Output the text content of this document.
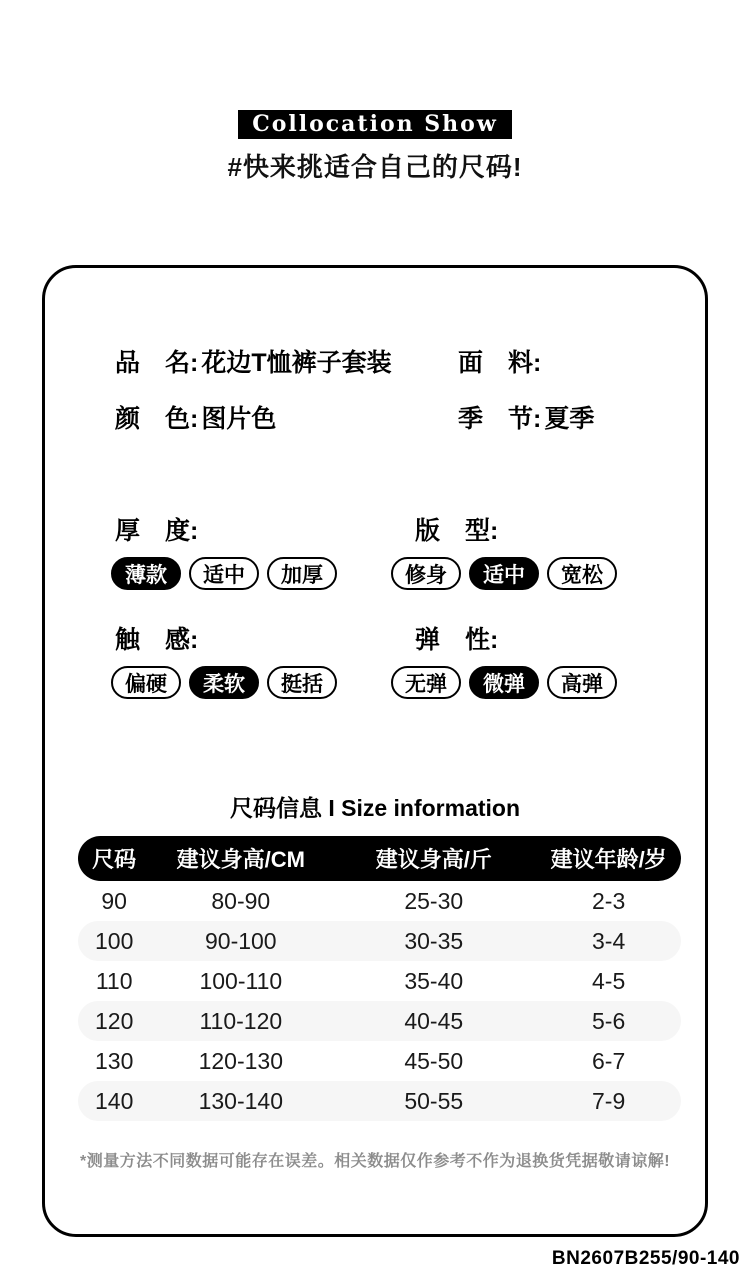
Collocation Show
#快来挑适合自己的尺码!
品　名: 花边T恤裤子套装	面　料:
颜　色: 图片色	季　节: 夏季
厚　度:
薄款	适中	加厚
版　型:
修身	适中	宽松
触　感:
偏硬	柔软	挺括
弹　性:
无弹	微弹	高弹
尺码信息 I Size information
尺码	建议身高/CM	建议身高/斤	建议年龄/岁
90	80-90	25-30	2-3
100	90-100	30-35	3-4
110	100-110	35-40	4-5
120	110-120	40-45	5-6
130	120-130	45-50	6-7
140	130-140	50-55	7-9
*测量方法不同数据可能存在误差。相关数据仅作参考不作为退换货凭据敬请谅解!
BN2607B255/90-140
